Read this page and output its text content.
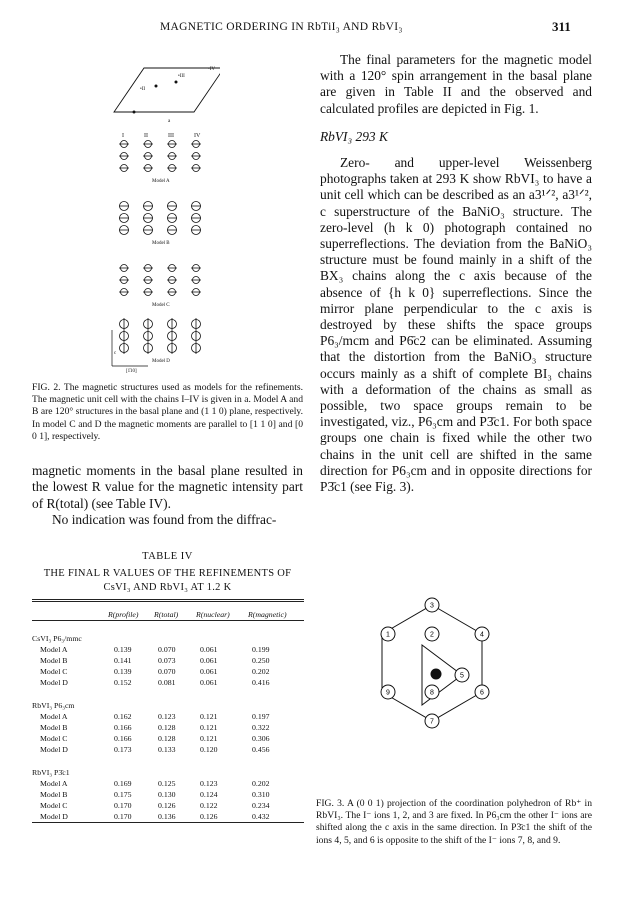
MAGNETIC ORDERING IN RbTiI₃ AND RbVI₃	311
•II
•III
•IV
a
I	II	III	IV
Model A
Model B
Model C
Model D
c
[1̄10]
FIG. 2. The magnetic structures used as models for the refinements. The magnetic unit cell with the chains I–IV is given in a. Model A and B are 120° structures in the basal plane and (1 1 0) plane, respectively. In model C and D the magnetic moments are parallel to [1 1 0] and [0 0 1], respectively.

magnetic moments in the basal plane resulted in the lowest R value for the magnetic intensity part of R(total) (see Table IV).

No indication was found from the diffrac-

TABLE IV
THE FINAL R VALUES OF THE REFINEMENTS OF CsVI₃ AND RbVI₃ AT 1.2 K
R(profile) R(total) R(nuclear) R(magnetic)
CsVI₃ P6₃/mmc
Model A	0.139	0.070	0.061	0.199
Model B	0.141	0.073	0.061	0.250
Model C	0.139	0.070	0.061	0.202
Model D	0.152	0.081	0.061	0.416
RbVI₃ P6₃cm
Model A	0.162	0.123	0.121	0.197
Model B	0.166	0.128	0.121	0.322
Model C	0.166	0.128	0.121	0.306
Model D	0.173	0.133	0.120	0.456
RbVI₃ P3̄c1
Model A	0.169	0.125	0.123	0.202
Model B	0.175	0.130	0.124	0.310
Model C	0.170	0.126	0.122	0.234
Model D	0.170	0.136	0.126	0.432

The final parameters for the magnetic model with a 120° spin arrangement in the basal plane are given in Table II and the observed and calculated profiles are depicted in Fig. 1.

RbVI₃ 293 K

Zero- and upper-level Weissenberg photographs taken at 293 K show RbVI₃ to have a unit cell which can be described as an a3¹ᐟ², a3¹ᐟ², c superstructure of the BaNiO₃ structure. The zero-level (h k 0) photograph contained no superreflections. The deviation from the BaNiO₃ structure must be found mainly in a shift of the BX₃ chains along the c axis because of the absence of {h k 0} superreflections. Since the mirror plane perpendicular to the c axis is destroyed by these shifts the space groups P6₃/mcm and P6̄c2 can be eliminated. Assuming that the distortion from the BaNiO₃ structure occurs mainly as a shift of complete BI₃ chains with a deformation of the chains as small as possible, two space groups remain to be investigated, viz., P6₃cm and P3̄c1. For both space groups one chain is fixed while the other two chains in the unit cell are shifted in the same direction for P6₃cm and in opposite directions for P3̄c1 (see Fig. 3).

1	2
3
4
5
6
7
8
9
FIG. 3. A (0 0 1) projection of the coordination polyhedron of Rb⁺ in RbVI₃. The I⁻ ions 1, 2, and 3 are fixed. In P6₃cm the other I⁻ ions are shifted along the c axis in the same direction. In P3̄c1 the shift of the ions 4, 5, and 6 is opposite to the shift of the I⁻ ions 7, 8, and 9.
